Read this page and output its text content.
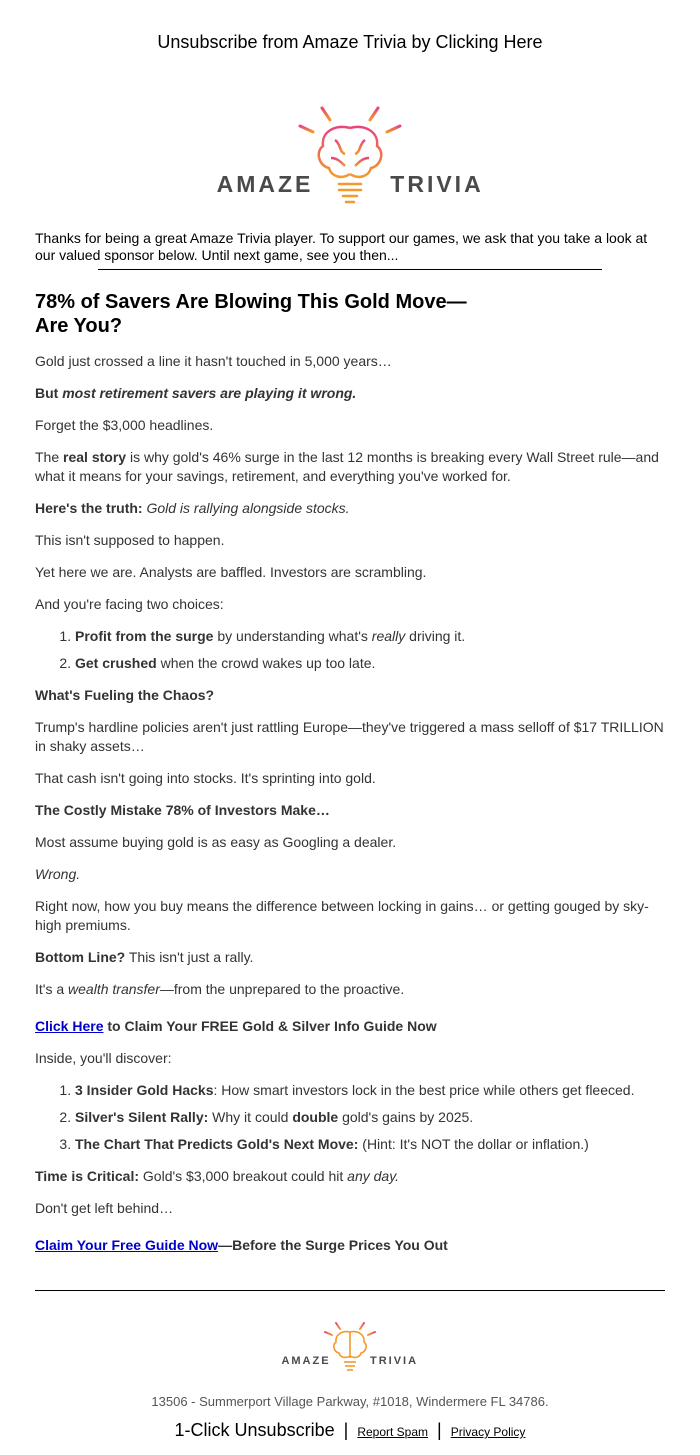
Unsubscribe from Amaze Trivia by Clicking Here
AMAZE	TRIVIA

Thanks for being a great Amaze Trivia player. To support our games, we ask that you take a look at our valued sponsor below. Until next game, see you then...

78% of Savers Are Blowing This Gold Move—
Are You?

Gold just crossed a line it hasn't touched in 5,000 years…

But most retirement savers are playing it wrong.

Forget the $3,000 headlines.

The real story is why gold's 46% surge in the last 12 months is breaking every Wall Street rule—and what it means for your savings, retirement, and everything you've worked for.

Here's the truth: Gold is rallying alongside stocks.

This isn't supposed to happen.

Yet here we are. Analysts are baffled. Investors are scrambling.

And you're facing two choices:

1. Profit from the surge by understanding what's really driving it.
2. Get crushed when the crowd wakes up too late.

What's Fueling the Chaos?

Trump's hardline policies aren't just rattling Europe—they've triggered a mass selloff of $17 TRILLION in shaky assets…

That cash isn't going into stocks. It's sprinting into gold.

The Costly Mistake 78% of Investors Make…

Most assume buying gold is as easy as Googling a dealer.

Wrong.

Right now, how you buy means the difference between locking in gains… or getting gouged by sky-high premiums.

Bottom Line? This isn't just a rally.

It's a wealth transfer—from the unprepared to the proactive.

Click Here to Claim Your FREE Gold & Silver Info Guide Now

Inside, you'll discover:

1. 3 Insider Gold Hacks: How smart investors lock in the best price while others get fleeced.
2. Silver's Silent Rally: Why it could double gold's gains by 2025.
3. The Chart That Predicts Gold's Next Move: (Hint: It's NOT the dollar or inflation.)

Time is Critical: Gold's $3,000 breakout could hit any day.

Don't get left behind…

Claim Your Free Guide Now—Before the Surge Prices You Out

AMAZE	TRIVIA
13506 - Summerport Village Parkway, #1018, Windermere FL 34786.
1-Click Unsubscribe | Report Spam | Privacy Policy
